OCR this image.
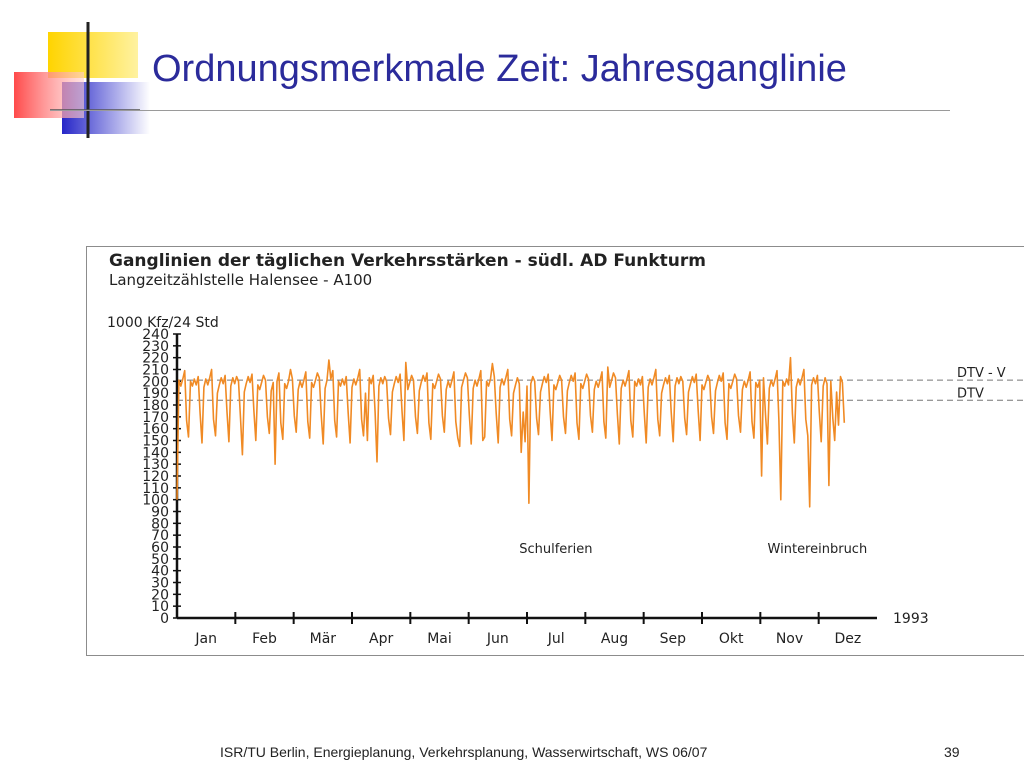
Ordnungsmerkmale Zeit: Jahresganglinie
Ganglinien der täglichen Verkehrsstärken - südl. AD Funkturm
Langzeitzählstelle Halensee - A100
1000 Kfz/24 Std
1993
DTV - V
DTV
240
230
220
210
200
190
180
170
160
150
140
130
120
110
100
90
80
70
60
50
40
30
20
10
0
Jan	Feb Mär Apr Mai	Jun	Jul	Aug Sep Okt Nov Dez
Schulferien	Wintereinbruch
ISR/TU Berlin, Energieplanung, Verkehrsplanung, Wasserwirtschaft, WS 06/07	39
